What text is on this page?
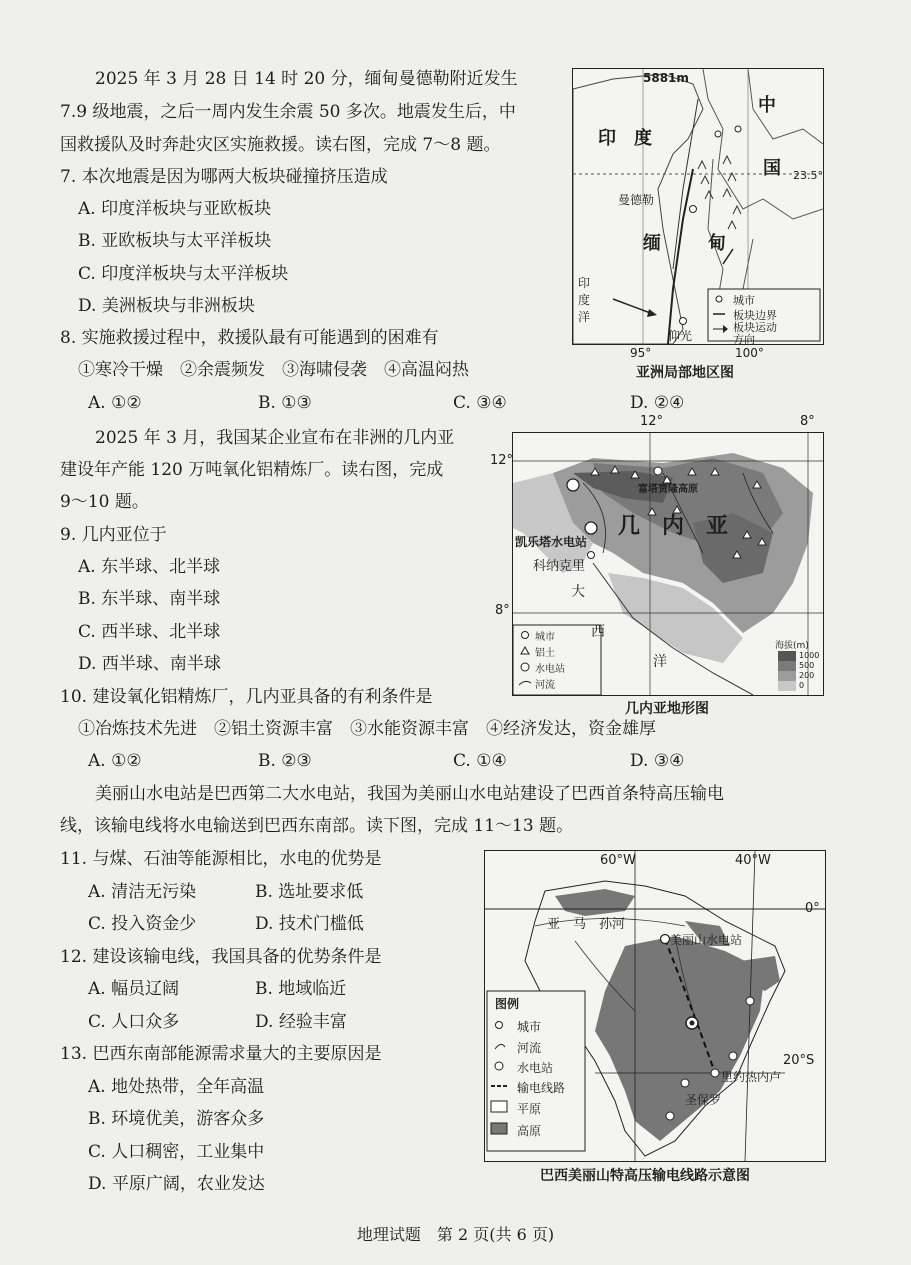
2025 年 3 月 28 日 14 时 20 分，缅甸曼德勒附近发生
7.9 级地震，之后一周内发生余震 50 多次。地震发生后，中
国救援队及时奔赴灾区实施救援。读右图，完成 7～8 题。
7. 本次地震是因为哪两大板块碰撞挤压造成
A. 印度洋板块与亚欧板块
B. 亚欧板块与太平洋板块
C. 印度洋板块与太平洋板块
D. 美洲板块与非洲板块
8. 实施救援过程中，救援队最有可能遇到的困难有
①寒冷干燥　②余震频发　③海啸侵袭　④高温闷热
A. ①②	B. ①③	C. ③④	D. ②④
5881m
印　度
中
国
缅	甸
曼德勒
仰光
印度洋
23.5°
城市
板块边界
板块运动方向
95°	100°
亚洲局部地区图
2025 年 3 月，我国某企业宣布在非洲的几内亚
建设年产能 120 万吨氧化铝精炼厂。读右图，完成
9～10 题。
9. 几内亚位于
A. 东半球、北半球
B. 东半球、南半球
C. 西半球、北半球
D. 西半球、南半球
12°	8°
富塔贾隆高原
几　内　亚
凯乐塔水电站
科纳克里
大
西
洋
城市
铝土
水电站
河流
海拔(m)
1000
500
200
0
12°
8°
几内亚地形图
10. 建设氧化铝精炼厂，几内亚具备的有利条件是
①冶炼技术先进　②铝土资源丰富　③水能资源丰富　④经济发达，资金雄厚
A. ①②	B. ②③	C. ①④	D. ③④
美丽山水电站是巴西第二大水电站，我国为美丽山水电站建设了巴西首条特高压输电
线，该输电线将水电输送到巴西东南部。读下图，完成 11～13 题。
11. 与煤、石油等能源相比，水电的优势是
A. 清洁无污染	B. 选址要求低
C. 投入资金少	D. 技术门槛低
12. 建设该输电线，我国具备的优势条件是
A. 幅员辽阔	B. 地域临近
C. 人口众多	D. 经验丰富
13. 巴西东南部能源需求量大的主要原因是
A. 地处热带，全年高温
B. 环境优美，游客众多
C. 人口稠密，工业集中
D. 平原广阔，农业发达
60°W	40°W
0°
20°S
亚　马　孙河
美丽山水电站
里约热内卢
圣保罗
图例
城市
河流
水电站
输电线路
平原
高原
巴西美丽山特高压输电线路示意图
地理试题　第 2 页(共 6 页)
